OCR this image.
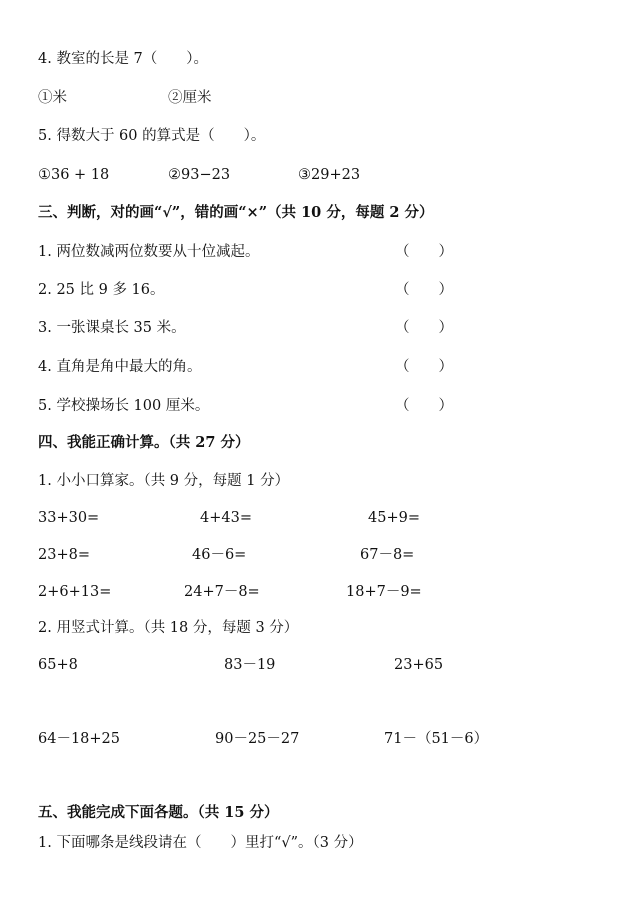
4. 教室的长是 7（　　）。
①米	②厘米
5. 得数大于 60 的算式是（　　）。
①36 + 18	②93−23	③29+23
三、判断，对的画“√”，错的画“×”（共 10 分，每题 2 分）
1. 两位数减两位数要从十位减起。	（　　）
2. 25 比 9 多 16。	（　　）
3. 一张课桌长 35 米。	（　　）
4. 直角是角中最大的角。	（　　）
5. 学校操场长 100 厘米。	（　　）
四、我能正确计算。（共 27 分）
1. 小小口算家。（共 9 分，每题 1 分）
33+30=	4+43=	45+9=
23+8=	46－6=	67－8=
2+6+13=	24+7－8=	18+7－9=
2. 用竖式计算。（共 18 分，每题 3 分）
65+8	83－19	23+65
64－18+25	90－25－27	71－（51－6）
五、我能完成下面各题。（共 15 分）
1. 下面哪条是线段请在（　　）里打“√”。（3 分）
